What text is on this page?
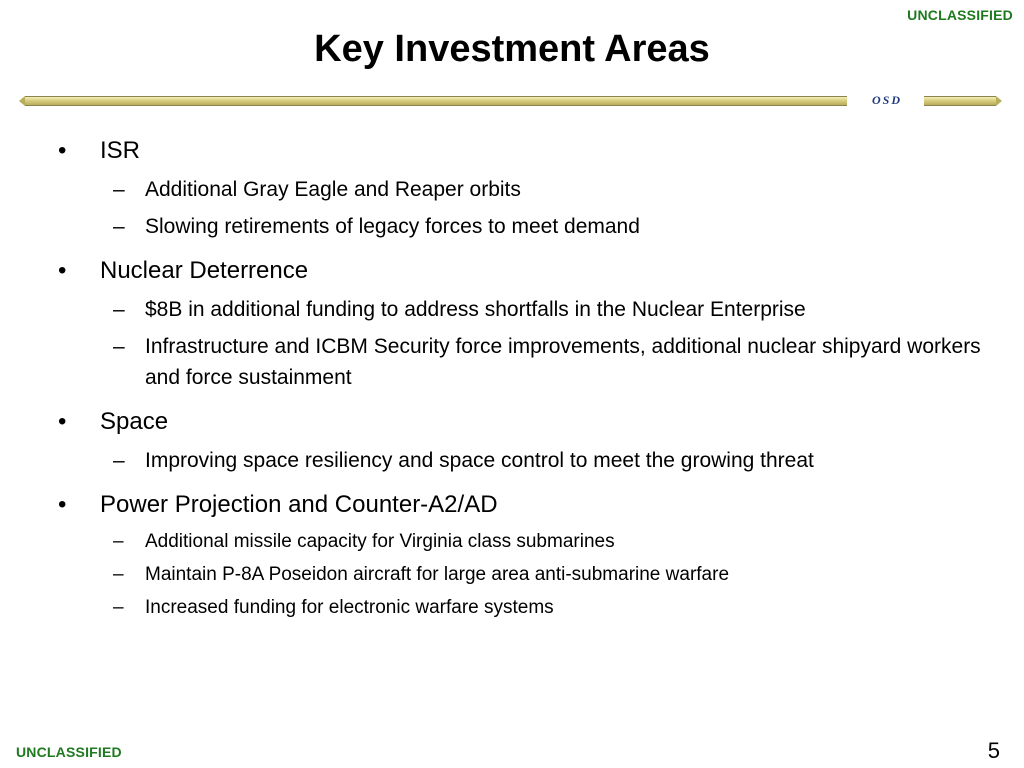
UNCLASSIFIED
Key Investment Areas
OSD
• ISR
– Additional Gray Eagle and Reaper orbits
– Slowing retirements of legacy forces to meet demand
• Nuclear Deterrence
– $8B in additional funding to address shortfalls in the Nuclear Enterprise
– Infrastructure and ICBM Security force improvements, additional nuclear shipyard workers and force sustainment
• Space
– Improving space resiliency and space control to meet the growing threat
• Power Projection and Counter-A2/AD
– Additional missile capacity for Virginia class submarines
– Maintain P-8A Poseidon aircraft for large area anti-submarine warfare
– Increased funding for electronic warfare systems
UNCLASSIFIED	5
